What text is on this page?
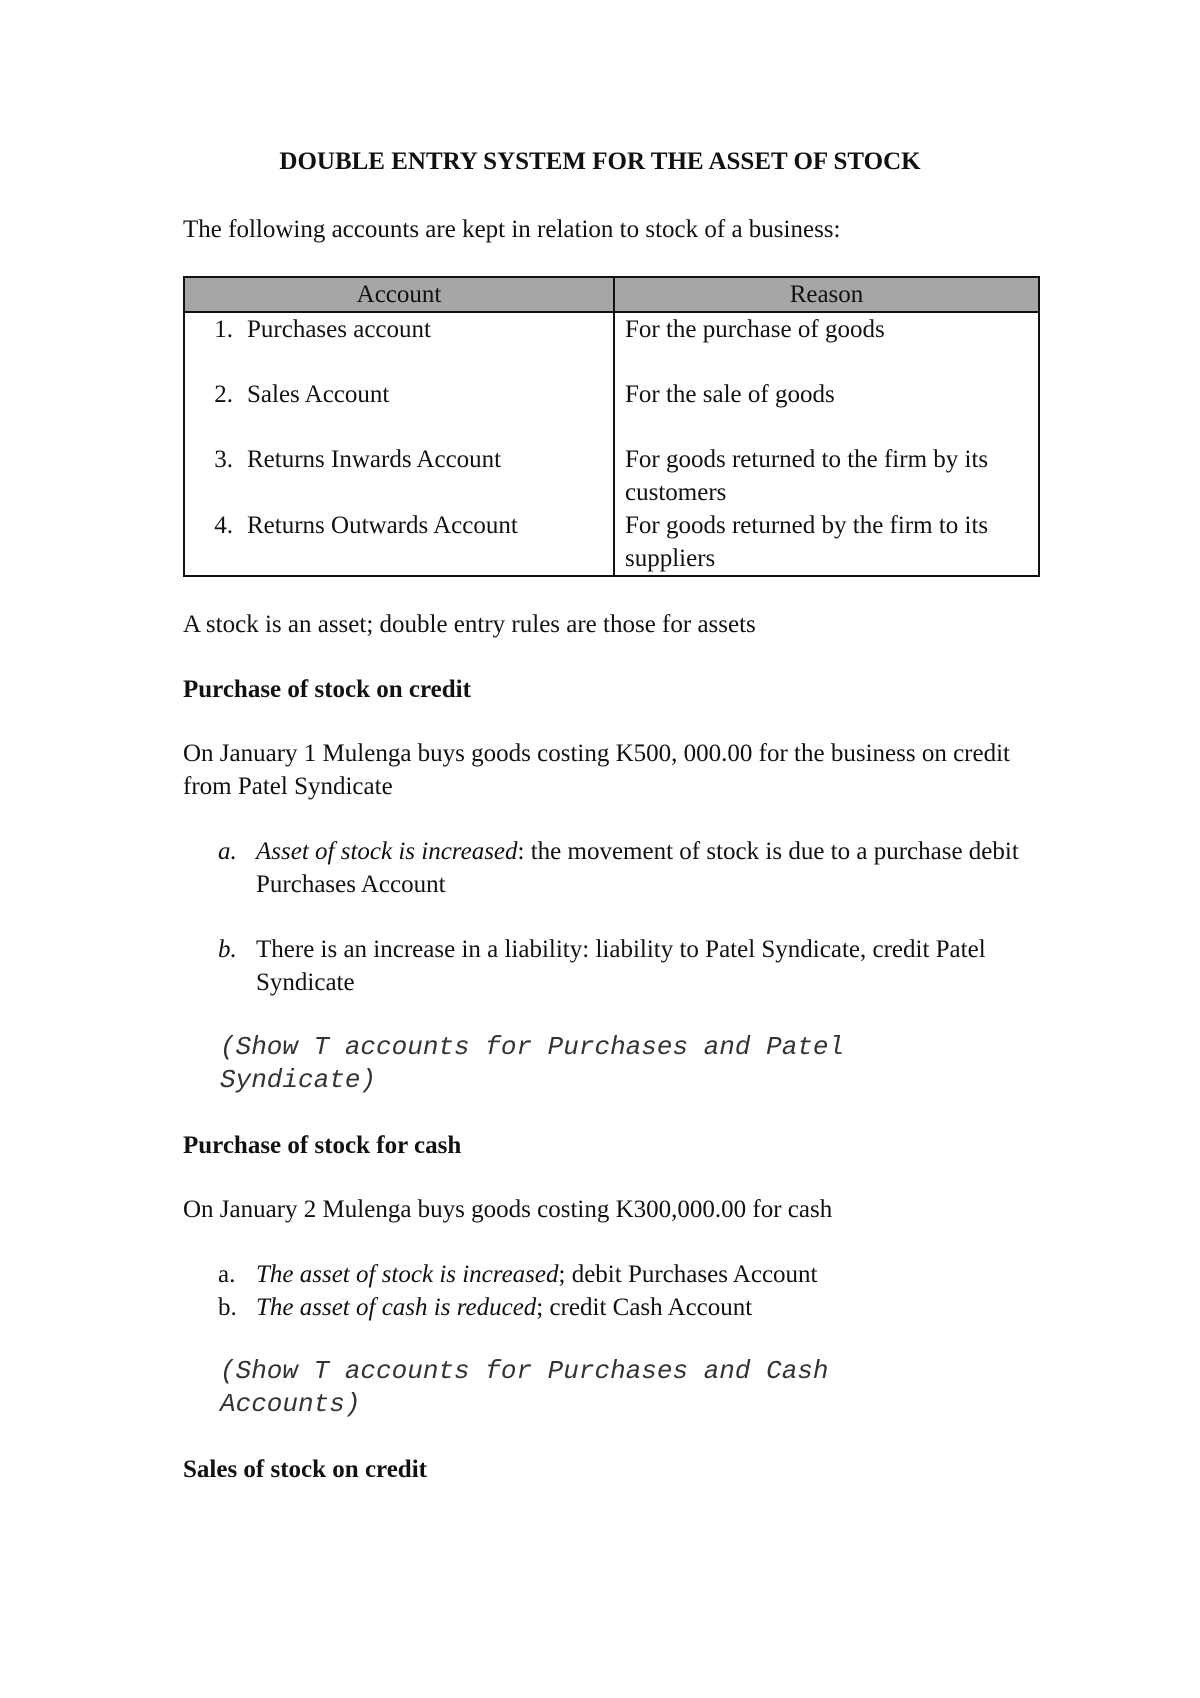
DOUBLE ENTRY SYSTEM FOR THE ASSET OF STOCK

The following accounts are kept in relation to stock of a business:

Account	Reason
1. Purchases account	For the purchase of goods
2. Sales Account	For the sale of goods
3. Returns Inwards Account	For goods returned to the firm by its customers
4. Returns Outwards Account	For goods returned by the firm to its suppliers

A stock is an asset; double entry rules are those for assets

Purchase of stock on credit

On January 1 Mulenga buys goods costing K500, 000.00 for the business on credit from Patel Syndicate

a. Asset of stock is increased: the movement of stock is due to a purchase debit Purchases Account
b. There is an increase in a liability: liability to Patel Syndicate, credit Patel Syndicate

(Show T accounts for Purchases and Patel Syndicate)

Purchase of stock for cash

On January 2 Mulenga buys goods costing K300,000.00 for cash

a. The asset of stock is increased; debit Purchases Account
b. The asset of cash is reduced; credit Cash Account

(Show T accounts for Purchases and Cash Accounts)

Sales of stock on credit
